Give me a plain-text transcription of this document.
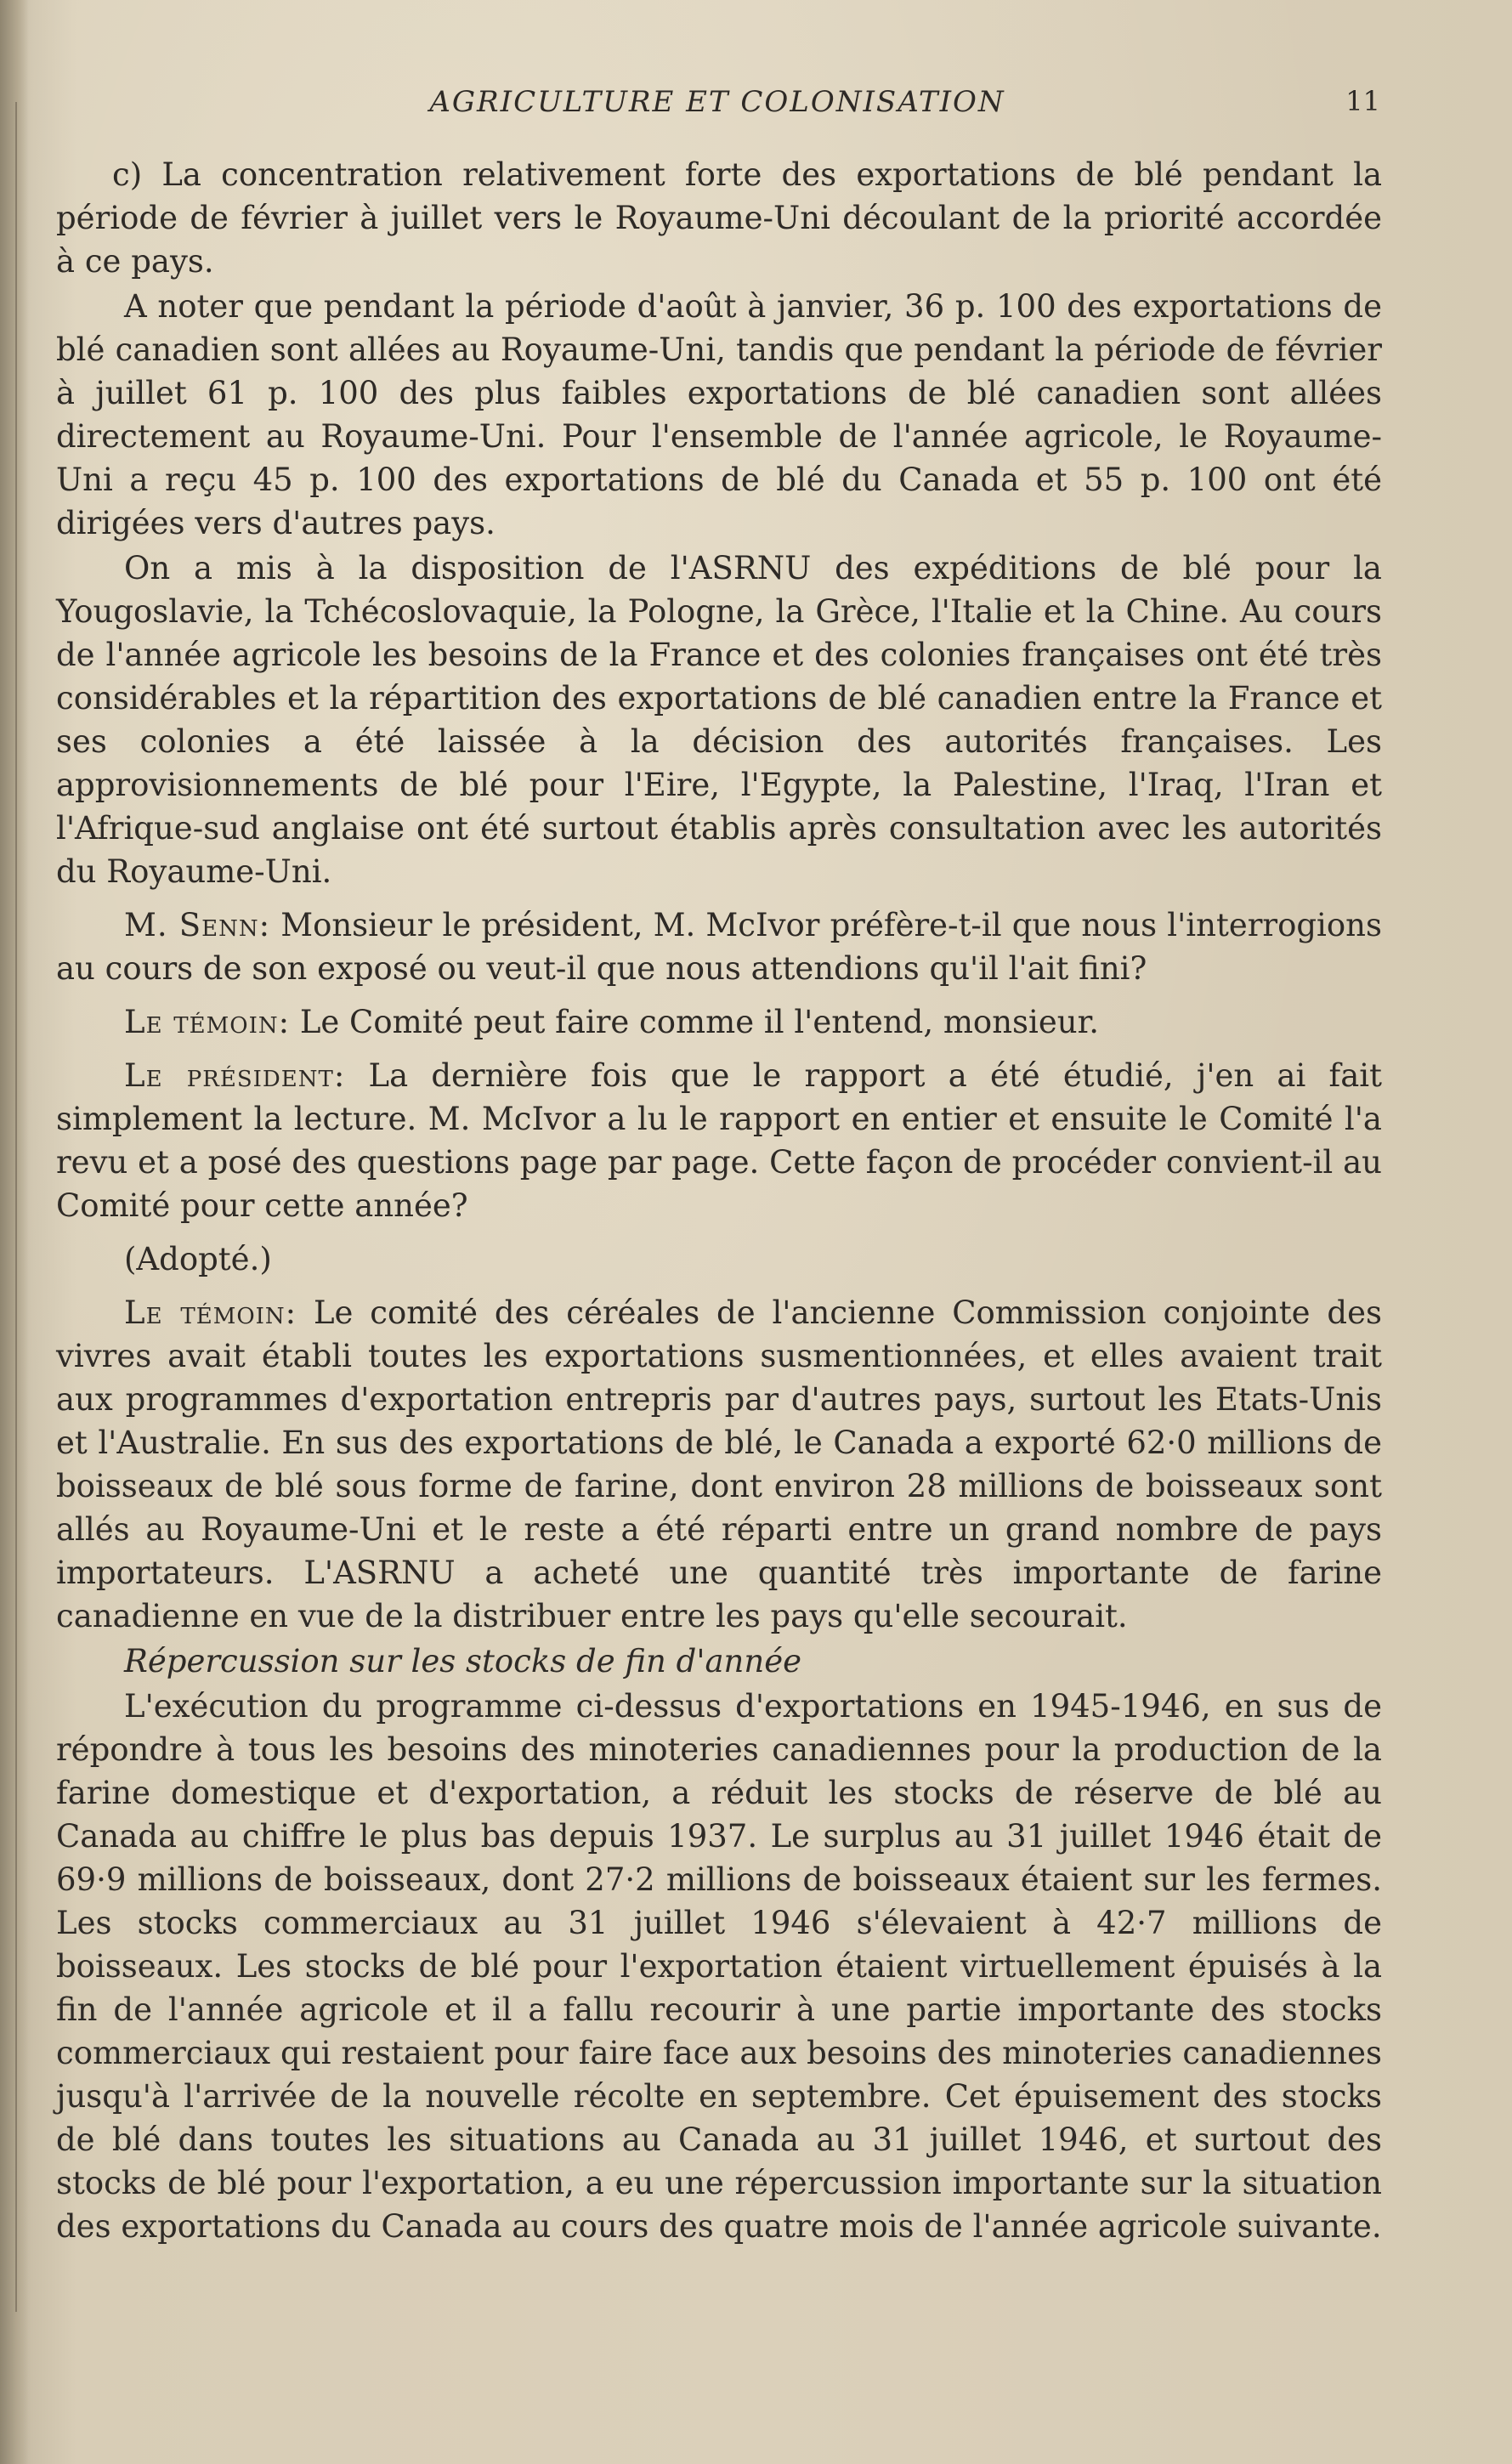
AGRICULTURE ET COLONISATION	11

c) La concentration relativement forte des exportations de blé pendant la période de février à juillet vers le Royaume-Uni découlant de la priorité accordée à ce pays.

A noter que pendant la période d'août à janvier, 36 p. 100 des exportations de blé canadien sont allées au Royaume-Uni, tandis que pendant la période de février à juillet 61 p. 100 des plus faibles exportations de blé canadien sont allées directement au Royaume-Uni. Pour l'ensemble de l'année agricole, le Royaume-Uni a reçu 45 p. 100 des exportations de blé du Canada et 55 p. 100 ont été dirigées vers d'autres pays.

On a mis à la disposition de l'ASRNU des expéditions de blé pour la Yougoslavie, la Tchécoslovaquie, la Pologne, la Grèce, l'Italie et la Chine. Au cours de l'année agricole les besoins de la France et des colonies françaises ont été très considérables et la répartition des exportations de blé canadien entre la France et ses colonies a été laissée à la décision des autorités françaises. Les approvisionnements de blé pour l'Eire, l'Egypte, la Palestine, l'Iraq, l'Iran et l'Afrique-sud anglaise ont été surtout établis après consultation avec les autorités du Royaume-Uni.

M. Senn: Monsieur le président, M. McIvor préfère-t-il que nous l'interrogions au cours de son exposé ou veut-il que nous attendions qu'il l'ait fini?

Le témoin: Le Comité peut faire comme il l'entend, monsieur.

Le président: La dernière fois que le rapport a été étudié, j'en ai fait simplement la lecture. M. McIvor a lu le rapport en entier et ensuite le Comité l'a revu et a posé des questions page par page. Cette façon de procéder convient-il au Comité pour cette année?

(Adopté.)

Le témoin: Le comité des céréales de l'ancienne Commission conjointe des vivres avait établi toutes les exportations susmentionnées, et elles avaient trait aux programmes d'exportation entrepris par d'autres pays, surtout les Etats-Unis et l'Australie. En sus des exportations de blé, le Canada a exporté 62·0 millions de boisseaux de blé sous forme de farine, dont environ 28 millions de boisseaux sont allés au Royaume-Uni et le reste a été réparti entre un grand nombre de pays importateurs. L'ASRNU a acheté une quantité très importante de farine canadienne en vue de la distribuer entre les pays qu'elle secourait.

Répercussion sur les stocks de fin d'année

L'exécution du programme ci-dessus d'exportations en 1945-1946, en sus de répondre à tous les besoins des minoteries canadiennes pour la production de la farine domestique et d'exportation, a réduit les stocks de réserve de blé au Canada au chiffre le plus bas depuis 1937. Le surplus au 31 juillet 1946 était de 69·9 millions de boisseaux, dont 27·2 millions de boisseaux étaient sur les fermes. Les stocks commerciaux au 31 juillet 1946 s'élevaient à 42·7 millions de boisseaux. Les stocks de blé pour l'exportation étaient virtuellement épuisés à la fin de l'année agricole et il a fallu recourir à une partie importante des stocks commerciaux qui restaient pour faire face aux besoins des minoteries canadiennes jusqu'à l'arrivée de la nouvelle récolte en septembre. Cet épuisement des stocks de blé dans toutes les situations au Canada au 31 juillet 1946, et surtout des stocks de blé pour l'exportation, a eu une répercussion importante sur la situation des exportations du Canada au cours des quatre mois de l'année agricole suivante.
